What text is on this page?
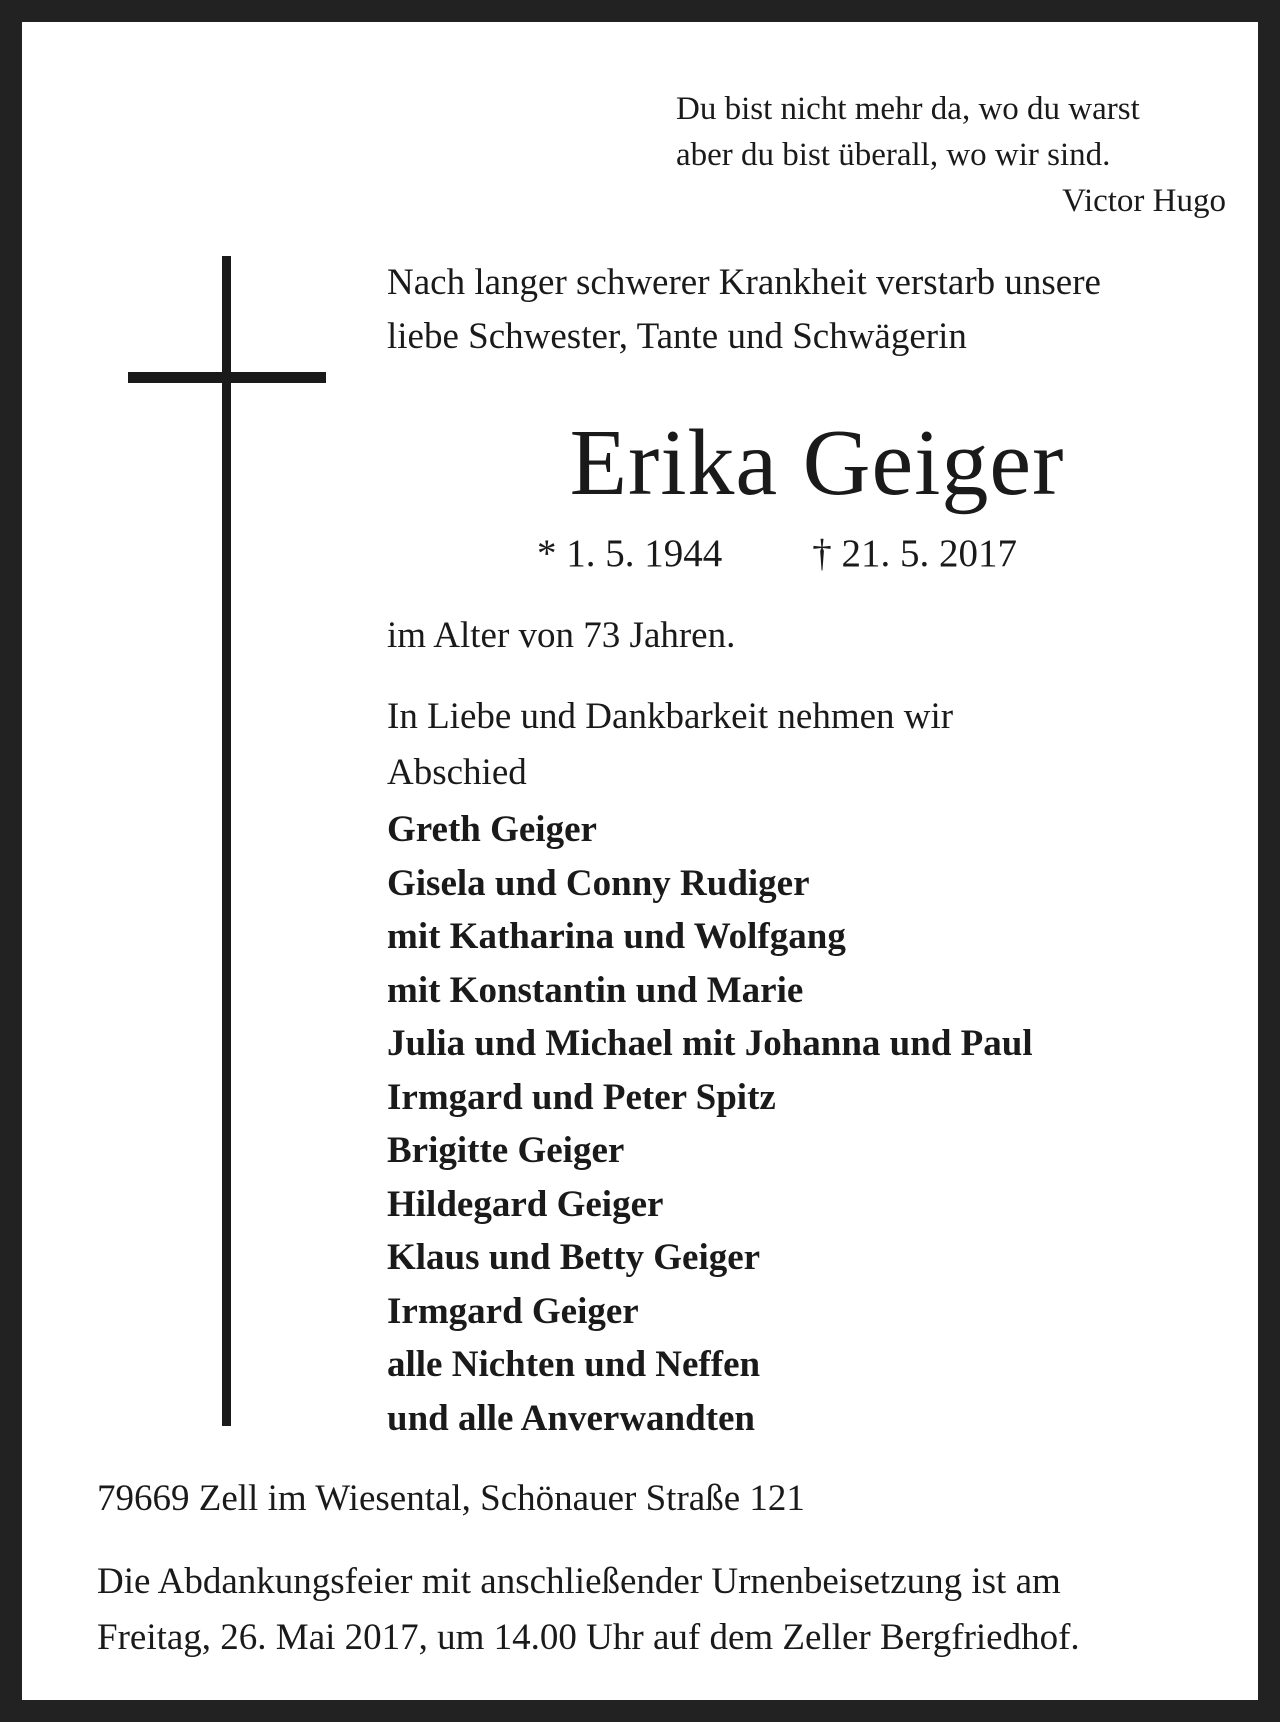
Du bist nicht mehr da, wo du warst
aber du bist überall, wo wir sind.
Victor Hugo
Nach langer schwerer Krankheit verstarb unsere
liebe Schwester, Tante und Schwägerin
Erika Geiger
* 1. 5. 1944 † 21. 5. 2017
im Alter von 73 Jahren.
In Liebe und Dankbarkeit nehmen wir
Abschied
Greth Geiger
Gisela und Conny Rudiger
mit Katharina und Wolfgang
mit Konstantin und Marie
Julia und Michael mit Johanna und Paul
Irmgard und Peter Spitz
Brigitte Geiger
Hildegard Geiger
Klaus und Betty Geiger
Irmgard Geiger
alle Nichten und Neffen
und alle Anverwandten
79669 Zell im Wiesental, Schönauer Straße 121
Die Abdankungsfeier mit anschließender Urnenbeisetzung ist am
Freitag, 26. Mai 2017, um 14.00 Uhr auf dem Zeller Bergfriedhof.
